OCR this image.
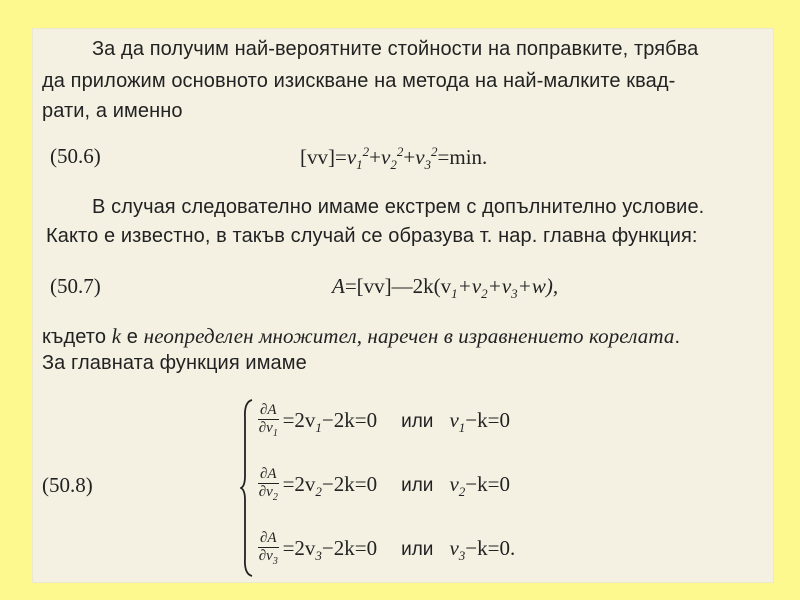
За да получим най-вероятните стойности на поправките, трябва
да приложим основното изискване на метода на най-малките квад-
рати, а именно
(50.6)	$[vv]=v_1^2+v_2^2+v_3^2=\min$.
В случая следователно имаме екстрем с допълнително условие.
Както е известно, в такъв случай се образува т. нар. главна функция:
(50.7)	$A=[vv]—2k(v_1+v_2+v_3+w)$,
където k е неопределен множител, наречен в изравнението корелата.
За главната функция имаме
(50.8)
$\frac{\partial A}{\partial v_1} =2v_1-2k=0$ или $v_1-k=0$
$\frac{\partial A}{\partial v_2} =2v_2-2k=0$ или $v_2-k=0$
$\frac{\partial A}{\partial v_3} =2v_3-2k=0$ или $v_3-k=0$.
